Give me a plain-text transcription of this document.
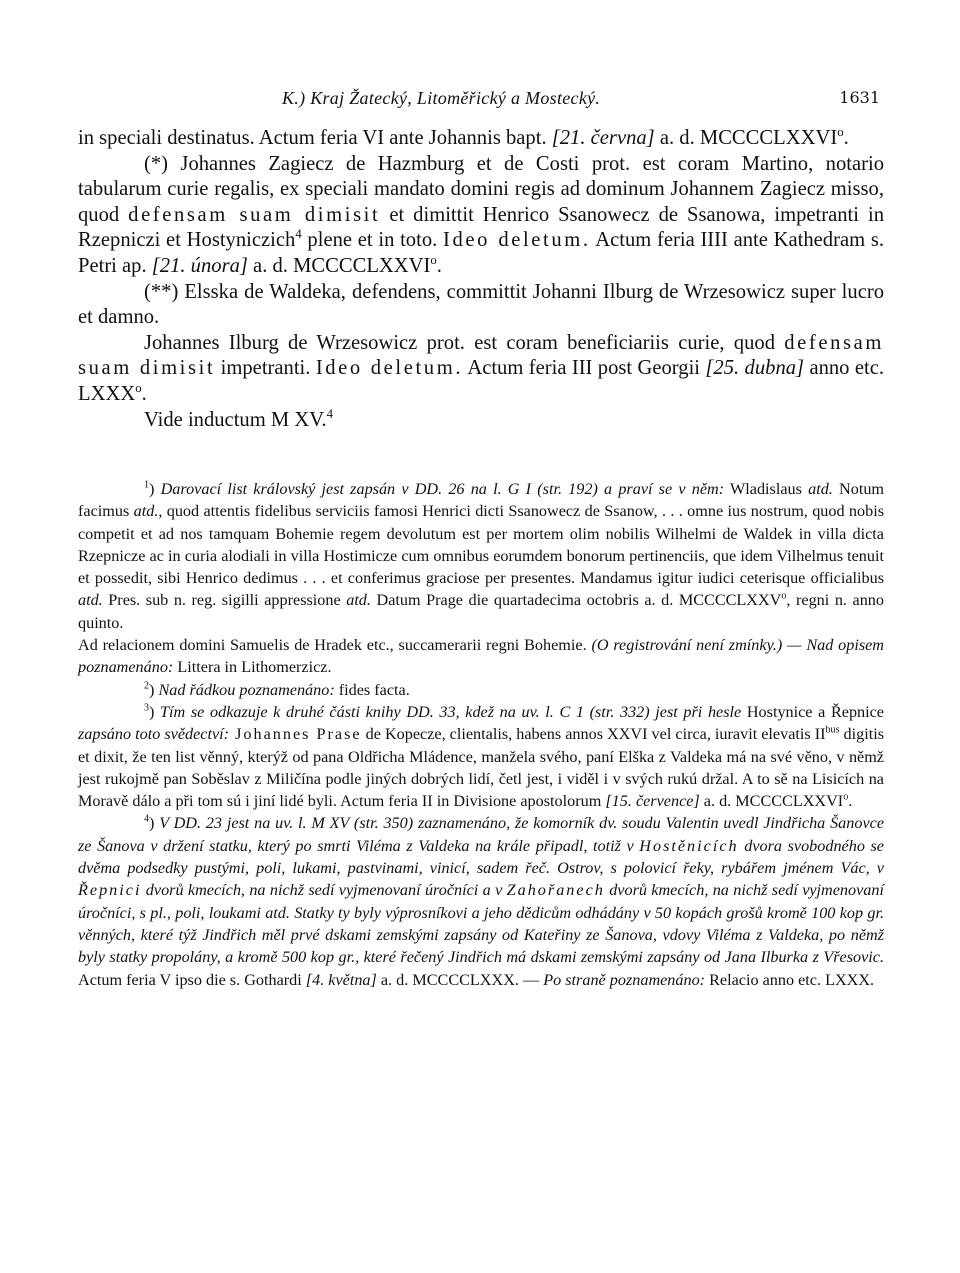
K.) Kraj Žatecký, Litoměřický a Mostecký.	1631

in speciali destinatus. Actum feria VI ante Johannis bapt. [21. června] a. d. MCCCCLXXVI$^o$.

(*) Johannes Zagiecz de Hazmburg et de Costi prot. est coram Martino, notario tabularum curie regalis, ex speciali mandato domini regis ad dominum Johannem Zagiecz misso, quod defensam suam dimisit et dimittit Henrico Ssanowecz de Ssanowa, impetranti in Rzepniczi et Hostyniczich$^4$ plene et in toto. Ideo deletum. Actum feria IIII ante Kathedram s. Petri ap. [21. února] a. d. MCCCCLXXVI$^o$.

(**) Elsska de Waldeka, defendens, committit Johanni Ilburg de Wrzesowicz super lucro et damno.

Johannes Ilburg de Wrzesowicz prot. est coram beneficiariis curie, quod defensam suam dimisit impetranti. Ideo deletum. Actum feria III post Georgii [25. dubna] anno etc. LXXX$^o$.

Vide inductum M XV.$^4$

$^1$) Darovací list královský jest zapsán v DD. 26 na l. G I (str. 192) a praví se v něm: Wladislaus atd. Notum facimus atd., quod attentis fidelibus serviciis famosi Henrici dicti Ssanowecz de Ssanow, . . . omne ius nostrum, quod nobis competit et ad nos tamquam Bohemie regem devolutum est per mortem olim nobilis Wilhelmi de Waldek in villa dicta Rzepnicze ac in curia alodiali in villa Hostimicze cum omnibus eorumdem bonorum pertinenciis, que idem Vilhelmus tenuit et possedit, sibi Henrico dedimus . . . et conferimus graciose per presentes. Mandamus igitur iudici ceterisque officialibus atd. Pres. sub n. reg. sigilli appressione atd. Datum Prage die quartadecima octobris a. d. MCCCCLXXV$^o$, regni n. anno quinto.

Ad relacionem domini Samuelis de Hradek etc., succamerarii regni Bohemie. (O registrování není zmínky.) — Nad opisem poznamenáno: Littera in Lithomerzicz.

$^2$) Nad řádkou poznamenáno: fides facta.

$^3$) Tím se odkazuje k druhé části knihy DD. 33, kdež na uv. l. C 1 (str. 332) jest při hesle Hostynice a Řepnice zapsáno toto svědectví: Johannes Prase de Kopecze, clientalis, habens annos XXVI vel circa, iuravit elevatis $II^{bus}$ digitis et dixit, že ten list věnný, kterýž od pana Oldřicha Mládence, manžela svého, paní Elška z Valdeka má na své věno, v němž jest rukojmě pan Soběslav z Miličína podle jiných dobrých lidí, četl jest, i viděl i v svých rukú držal. A to sě na Lisicích na Moravě dálo a při tom sú i jiní lidé byli. Actum feria II in Divisione apostolorum [15. července] a. d. MCCCCLXXVI$^o$.

$^4$) V DD. 23 jest na uv. l. M XV (str. 350) zaznamenáno, že komorník dv. soudu Valentin uvedl Jindřicha Šanovce ze Šanova v držení statku, který po smrti Viléma z Valdeka na krále připadl, totiž v Hostěnicích dvora svobodného se dvěma podsedky pustými, poli, lukami, pastvinami, vinicí, sadem řeč. Ostrov, s polovicí řeky, rybářem jménem Vác, v Řepnici dvorů kmecích, na nichž sedí vyjmenovaní úročníci a v Zahořanech dvorů kmecích, na nichž sedí vyjmenovaní úročníci, s pl., poli, loukami atd. Statky ty byly výprosníkovi a jeho dědicům odhádány v 50 kopách grošů kromě 100 kop gr. věnných, které týž Jindřich měl prvé dskami zemskými zapsány od Kateřiny ze Šanova, vdovy Viléma z Valdeka, po němž byly statky propolány, a kromě 500 kop gr., které řečený Jindřich má dskami zemskými zapsány od Jana Ilburka z Vřesovic. Actum feria V ipso die s. Gothardi [4. května] a. d. MCCCCLXXX. — Po straně poznamenáno: Relacio anno etc. LXXX.
